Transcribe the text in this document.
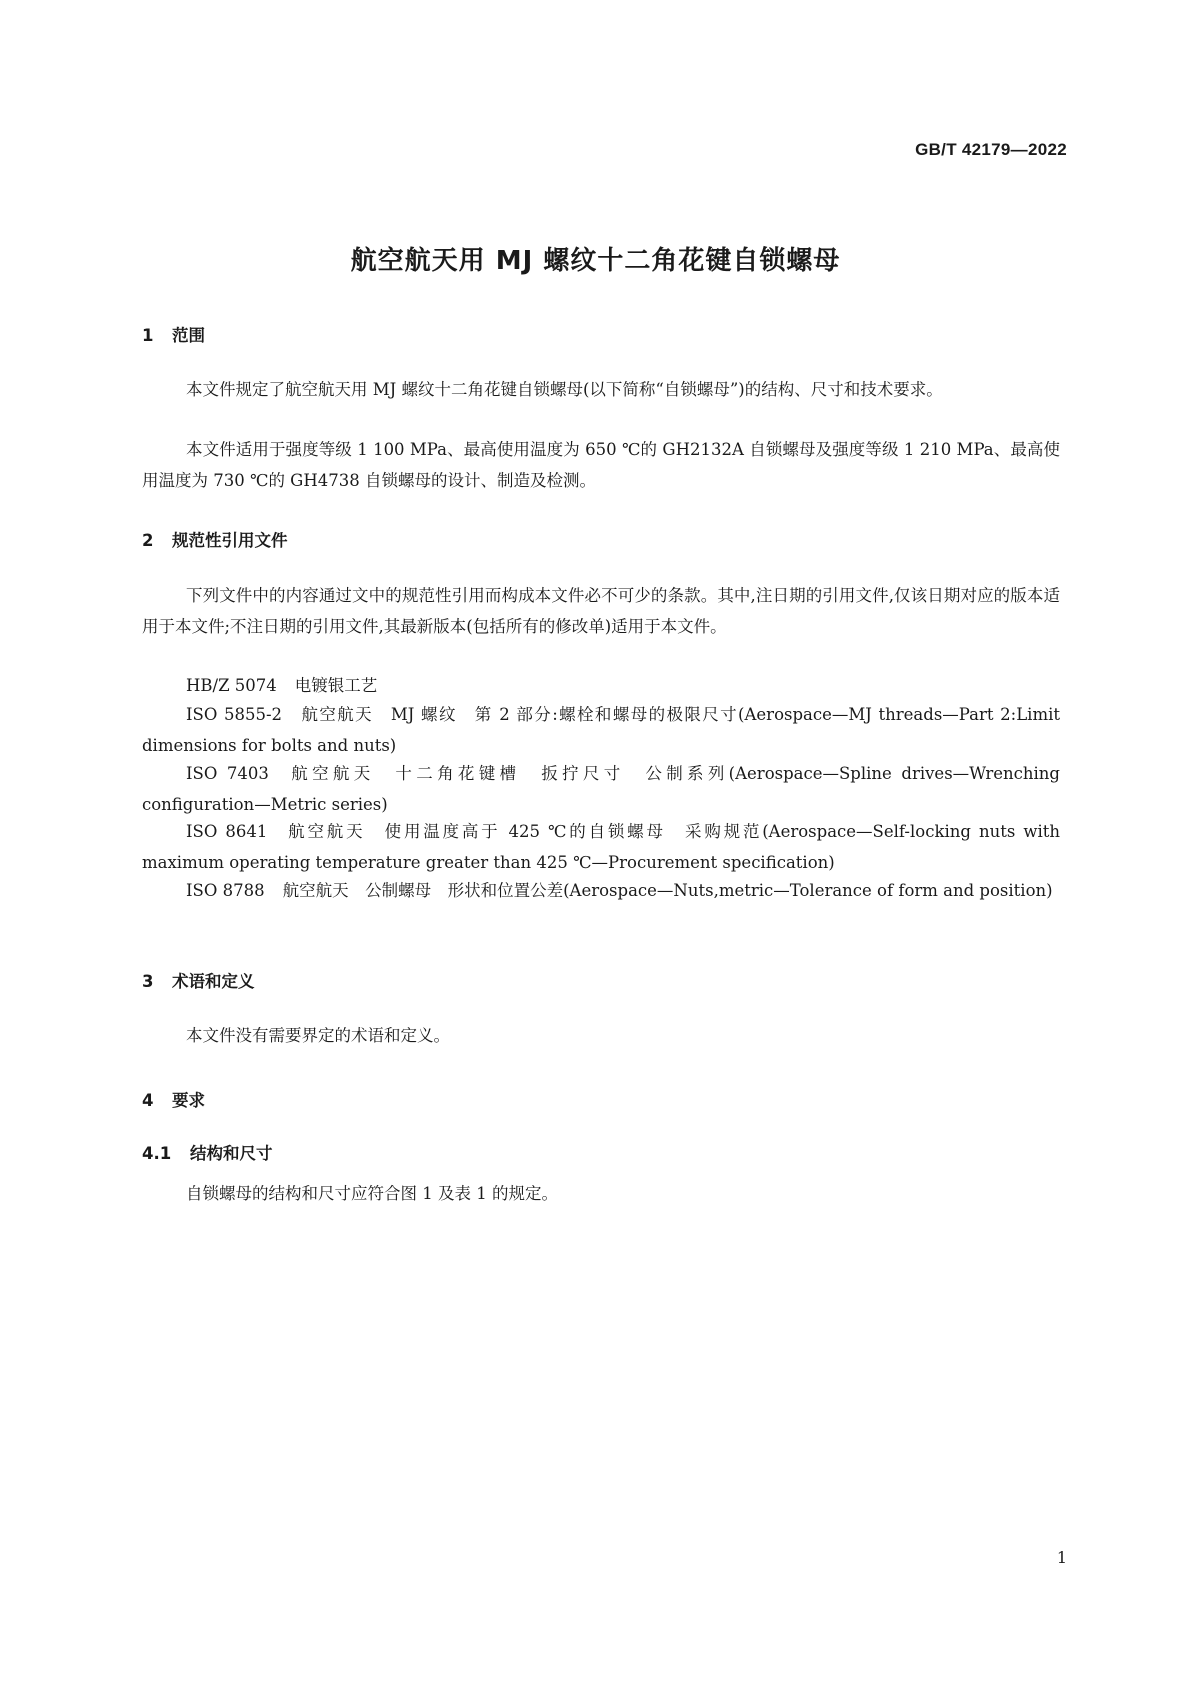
GB/T 42179—2022
航空航天用 MJ 螺纹十二角花键自锁螺母
1 范围
本文件规定了航空航天用 MJ 螺纹十二角花键自锁螺母(以下简称“自锁螺母”)的结构、尺寸和技术要求。
本文件适用于强度等级 1 100 MPa、最高使用温度为 650 ℃的 GH2132A 自锁螺母及强度等级 1 210 MPa、最高使用温度为 730 ℃的 GH4738 自锁螺母的设计、制造及检测。
2 规范性引用文件
下列文件中的内容通过文中的规范性引用而构成本文件必不可少的条款。其中,注日期的引用文件,仅该日期对应的版本适用于本文件;不注日期的引用文件,其最新版本(包括所有的修改单)适用于本文件。
HB/Z 5074 电镀银工艺
ISO 5855-2 航空航天　MJ 螺纹　第 2 部分:螺栓和螺母的极限尺寸(Aerospace—MJ threads—Part 2:Limit dimensions for bolts and nuts)
ISO 7403 航空航天　十二角花键槽　扳拧尺寸　公制系列(Aerospace—Spline drives—Wrenching configuration—Metric series)
ISO 8641 航空航天　使用温度高于 425 ℃的自锁螺母　采购规范(Aerospace—Self-locking nuts with maximum operating temperature greater than 425 ℃—Procurement specification)
ISO 8788 航空航天　公制螺母　形状和位置公差(Aerospace—Nuts,metric—Tolerance of form and position)
3 术语和定义
本文件没有需要界定的术语和定义。
4 要求
4.1 结构和尺寸
自锁螺母的结构和尺寸应符合图 1 及表 1 的规定。
1
